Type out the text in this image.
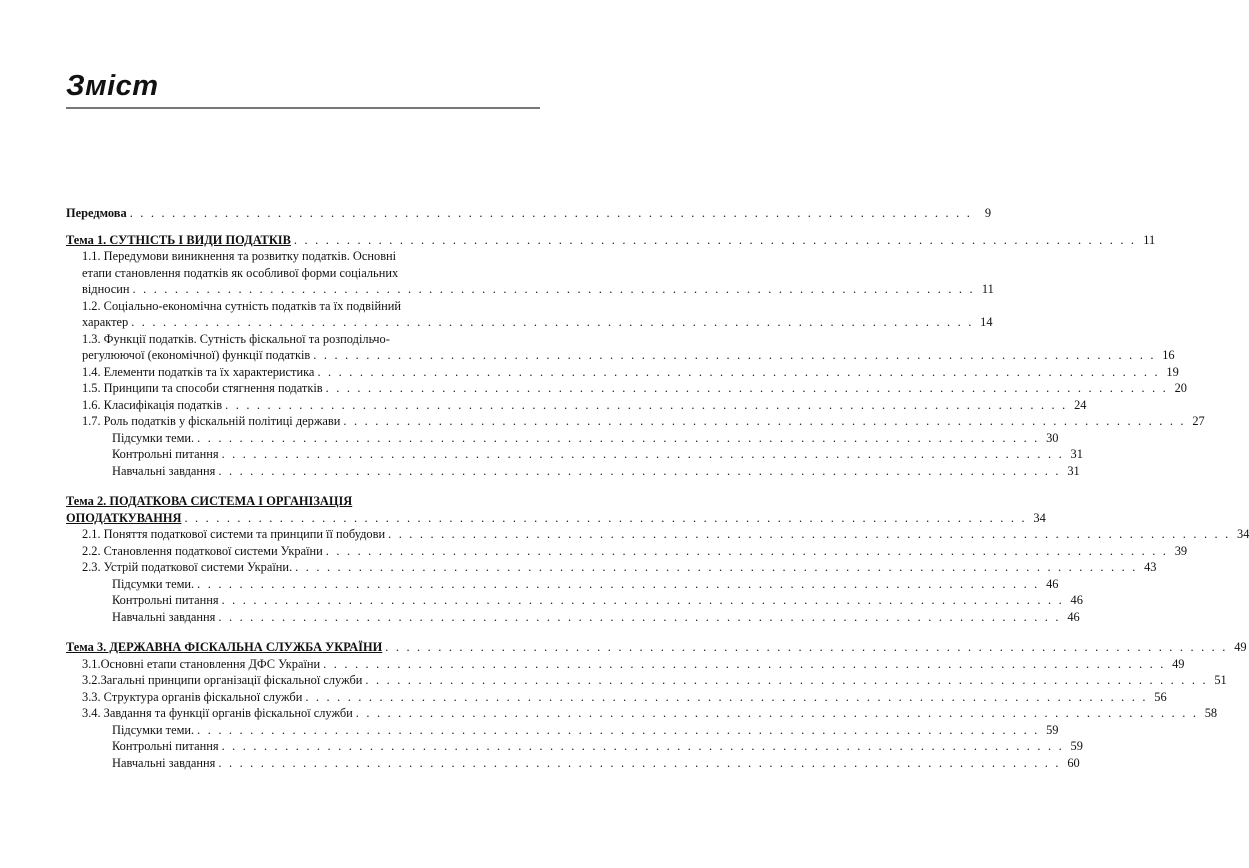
Зміст
Передмова . . . . . . . . . . . . . . . . . . . . . . . . . . . . . . . . . . . . . . . . . . . . . . . . . . . . . . . . . . . . . . . . . . . . . . . . . . . . . . . .	9
Тема 1. СУТНІСТЬ І ВИДИ ПОДАТКІВ . . . . . . . . . . . . . . . . . . . . . . . . . . . . . . . . . . . . . . . . . . . . . . . . . . . . . . . . . . . . . . . . . . . . . . . . . . . . . . . . 11
1.1. Передумови виникнення та розвитку податків. Основні
етапи становлення податків як особливої форми соціальних
відносин . . . . . . . . . . . . . . . . . . . . . . . . . . . . . . . . . . . . . . . . . . . . . . . . . . . . . . . . . . . . . . . . . . . . . . . . . . . . . . . . 11
1.2. Соціально-економічна сутність податків та їх подвійний
характер . . . . . . . . . . . . . . . . . . . . . . . . . . . . . . . . . . . . . . . . . . . . . . . . . . . . . . . . . . . . . . . . . . . . . . . . . . . . . . . . 14
1.3. Функції податків. Сутність фіскальної та розподільчо-
регулюючої (економічної) функції податків . . . . . . . . . . . . . . . . . . . . . . . . . . . . . . . . . . . . . . . . . . . . . . . . . . . . . . . . . . . . . . . . . . . . . . . . . . . . . . . . 16
1.4. Елементи податків та їх характеристика . . . . . . . . . . . . . . . . . . . . . . . . . . . . . . . . . . . . . . . . . . . . . . . . . . . . . . . . . . . . . . . . . . . . . . . . . . . . . . . . 19
1.5. Принципи та способи стягнення податків . . . . . . . . . . . . . . . . . . . . . . . . . . . . . . . . . . . . . . . . . . . . . . . . . . . . . . . . . . . . . . . . . . . . . . . . . . . . . . . . 20
1.6. Класифікація податків . . . . . . . . . . . . . . . . . . . . . . . . . . . . . . . . . . . . . . . . . . . . . . . . . . . . . . . . . . . . . . . . . . . . . . . . . . . . . . . . 24
1.7. Роль податків у фіскальній політиці держави . . . . . . . . . . . . . . . . . . . . . . . . . . . . . . . . . . . . . . . . . . . . . . . . . . . . . . . . . . . . . . . . . . . . . . . . . . . . . . . . 27
Підсумки теми. . . . . . . . . . . . . . . . . . . . . . . . . . . . . . . . . . . . . . . . . . . . . . . . . . . . . . . . . . . . . . . . . . . . . . . . . . . . . . . . . 30
Контрольні питання . . . . . . . . . . . . . . . . . . . . . . . . . . . . . . . . . . . . . . . . . . . . . . . . . . . . . . . . . . . . . . . . . . . . . . . . . . . . . . . . 31
Навчальні завдання . . . . . . . . . . . . . . . . . . . . . . . . . . . . . . . . . . . . . . . . . . . . . . . . . . . . . . . . . . . . . . . . . . . . . . . . . . . . . . . . 31
Тема 2. ПОДАТКОВА СИСТЕМА І ОРГАНІЗАЦІЯ
ОПОДАТКУВАННЯ . . . . . . . . . . . . . . . . . . . . . . . . . . . . . . . . . . . . . . . . . . . . . . . . . . . . . . . . . . . . . . . . . . . . . . . . . . . . . . . . 34
2.1. Поняття податкової системи та принципи її побудови . . . . . . . . . . . . . . . . . . . . . . . . . . . . . . . . . . . . . . . . . . . . . . . . . . . . . . . . . . . . . . . . . . . . . . . . . . . . . . . . 34
2.2. Становлення податкової системи України . . . . . . . . . . . . . . . . . . . . . . . . . . . . . . . . . . . . . . . . . . . . . . . . . . . . . . . . . . . . . . . . . . . . . . . . . . . . . . . . 39
2.3. Устрій податкової системи України. . . . . . . . . . . . . . . . . . . . . . . . . . . . . . . . . . . . . . . . . . . . . . . . . . . . . . . . . . . . . . . . . . . . . . . . . . . . . . . . . 43
Підсумки теми. . . . . . . . . . . . . . . . . . . . . . . . . . . . . . . . . . . . . . . . . . . . . . . . . . . . . . . . . . . . . . . . . . . . . . . . . . . . . . . . . 46
Контрольні питання . . . . . . . . . . . . . . . . . . . . . . . . . . . . . . . . . . . . . . . . . . . . . . . . . . . . . . . . . . . . . . . . . . . . . . . . . . . . . . . . 46
Навчальні завдання . . . . . . . . . . . . . . . . . . . . . . . . . . . . . . . . . . . . . . . . . . . . . . . . . . . . . . . . . . . . . . . . . . . . . . . . . . . . . . . . 46
Тема 3. ДЕРЖАВНА ФІСКАЛЬНА СЛУЖБА УКРАЇНИ . . . . . . . . . . . . . . . . . . . . . . . . . . . . . . . . . . . . . . . . . . . . . . . . . . . . . . . . . . . . . . . . . . . . . . . . . . . . . . . . 49
3.1.Основні етапи становлення ДФС України . . . . . . . . . . . . . . . . . . . . . . . . . . . . . . . . . . . . . . . . . . . . . . . . . . . . . . . . . . . . . . . . . . . . . . . . . . . . . . . . 49
3.2.Загальні принципи організації фіскальної служби . . . . . . . . . . . . . . . . . . . . . . . . . . . . . . . . . . . . . . . . . . . . . . . . . . . . . . . . . . . . . . . . . . . . . . . . . . . . . . . . 51
3.3. Структура органів фіскальної служби . . . . . . . . . . . . . . . . . . . . . . . . . . . . . . . . . . . . . . . . . . . . . . . . . . . . . . . . . . . . . . . . . . . . . . . . . . . . . . . . 56
3.4. Завдання та функції органів фіскальної служби . . . . . . . . . . . . . . . . . . . . . . . . . . . . . . . . . . . . . . . . . . . . . . . . . . . . . . . . . . . . . . . . . . . . . . . . . . . . . . . . 58
Підсумки теми. . . . . . . . . . . . . . . . . . . . . . . . . . . . . . . . . . . . . . . . . . . . . . . . . . . . . . . . . . . . . . . . . . . . . . . . . . . . . . . . . 59
Контрольні питання . . . . . . . . . . . . . . . . . . . . . . . . . . . . . . . . . . . . . . . . . . . . . . . . . . . . . . . . . . . . . . . . . . . . . . . . . . . . . . . . 59
Навчальні завдання . . . . . . . . . . . . . . . . . . . . . . . . . . . . . . . . . . . . . . . . . . . . . . . . . . . . . . . . . . . . . . . . . . . . . . . . . . . . . . . . 60
